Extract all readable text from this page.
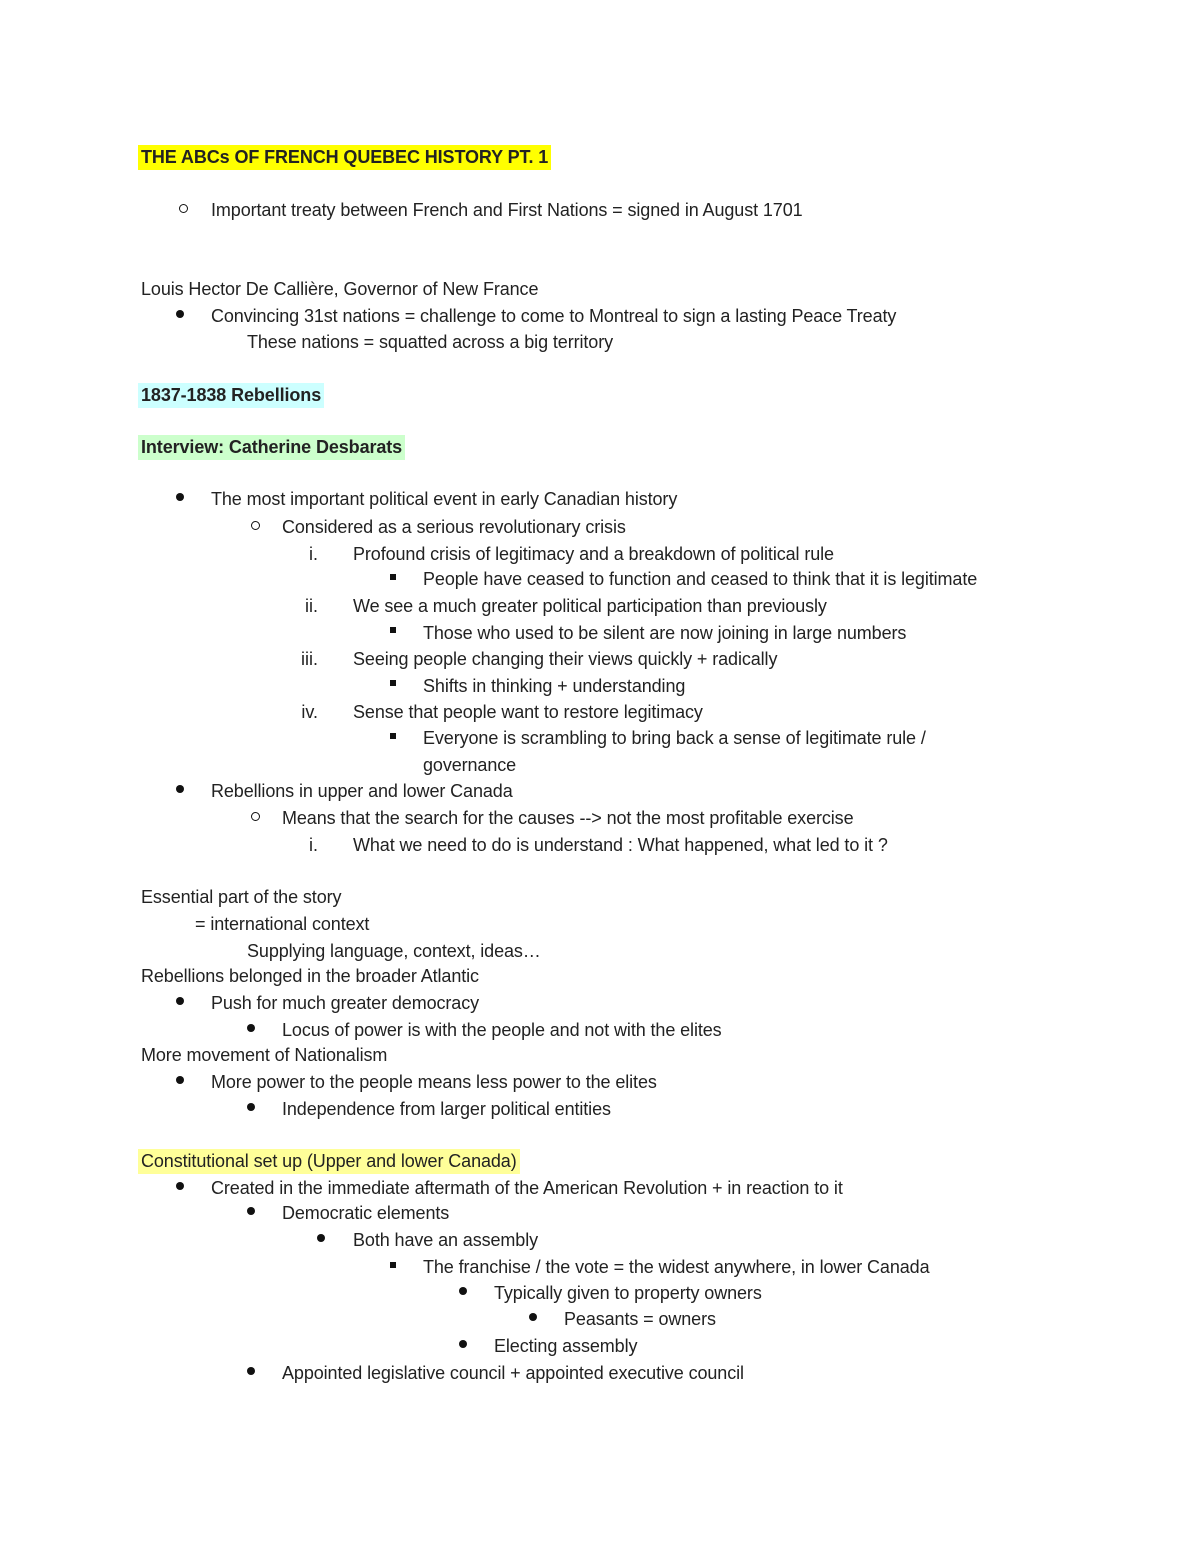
THE ABCs OF FRENCH QUEBEC HISTORY PT. 1
Important treaty between French and First Nations = signed in August 1701
Louis Hector De Callière, Governor of New France
Convincing 31st nations = challenge to come to Montreal to sign a lasting Peace Treaty
These nations = squatted across a big territory
1837-1838 Rebellions
Interview: Catherine Desbarats
The most important political event in early Canadian history
Considered as a serious revolutionary crisis
i. Profound crisis of legitimacy and a breakdown of political rule
People have ceased to function and ceased to think that it is legitimate
ii. We see a much greater political participation than previously
Those who used to be silent are now joining in large numbers
iii. Seeing people changing their views quickly + radically
Shifts in thinking + understanding
iv. Sense that people want to restore legitimacy
Everyone is scrambling to bring back a sense of legitimate rule /
governance
Rebellions in upper and lower Canada
Means that the search for the causes --> not the most profitable exercise
i. What we need to do is understand : What happened, what led to it ?
Essential part of the story
= international context
Supplying language, context, ideas…
Rebellions belonged in the broader Atlantic
Push for much greater democracy
Locus of power is with the people and not with the elites
More movement of Nationalism
More power to the people means less power to the elites
Independence from larger political entities
Constitutional set up (Upper and lower Canada)
Created in the immediate aftermath of the American Revolution + in reaction to it
Democratic elements
Both have an assembly
The franchise / the vote = the widest anywhere, in lower Canada
Typically given to property owners
Peasants = owners
Electing assembly
Appointed legislative council + appointed executive council
